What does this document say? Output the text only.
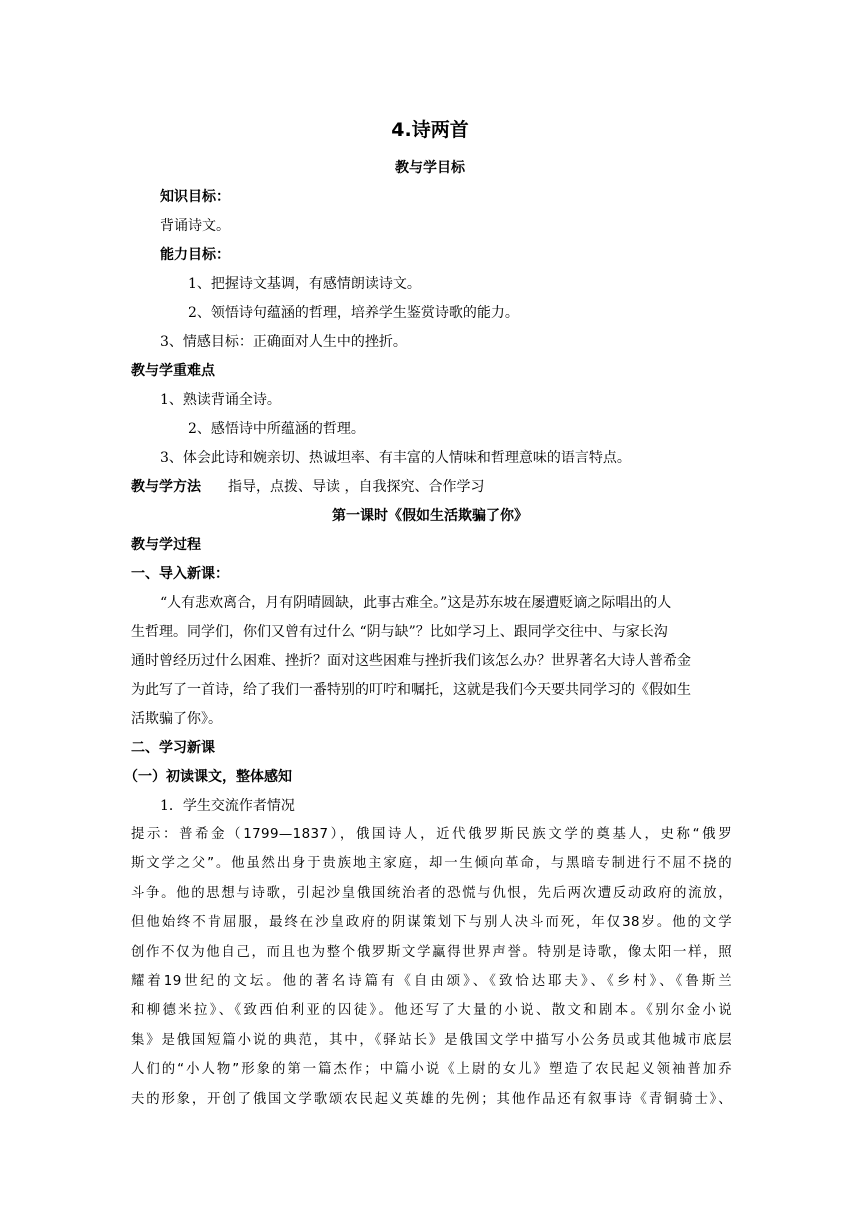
4.诗两首
教与学目标
知识目标：
背诵诗文。
能力目标：
1、把握诗文基调，有感情朗读诗文。
2、领悟诗句蕴涵的哲理，培养学生鉴赏诗歌的能力。
3、情感目标：正确面对人生中的挫折。
教与学重难点
1、熟读背诵全诗。
2、感悟诗中所蕴涵的哲理。
3、体会此诗和婉亲切、热诚坦率、有丰富的人情味和哲理意味的语言特点。
教与学方法 指导，点拨、导读 ，自我探究、合作学习
第一课时《假如生活欺骗了你》
教与学过程
一、导入新课：
“人有悲欢离合，月有阴晴圆缺，此事古难全。”这是苏东坡在屡遭贬谪之际唱出的人
生哲理。同学们，你们又曾有过什么 “阴与缺”？比如学习上、跟同学交往中、与家长沟
通时曾经历过什么困难、挫折？面对这些困难与挫折我们该怎么办？世界著名大诗人普希金
为此写了一首诗，给了我们一番特别的叮咛和嘱托，这就是我们今天要共同学习的《假如生
活欺骗了你》。
二、学习新课
（一）初读课文，整体感知
1．学生交流作者情况
提示：普希金（1799—1837），俄国诗人，近代俄罗斯民族文学的奠基人，史称“俄罗
斯文学之父”。他虽然出身于贵族地主家庭，却一生倾向革命，与黑暗专制进行不屈不挠的
斗争。他的思想与诗歌，引起沙皇俄国统治者的恐慌与仇恨，先后两次遭反动政府的流放，
但他始终不肯屈服，最终在沙皇政府的阴谋策划下与别人决斗而死，年仅38岁。他的文学
创作不仅为他自己，而且也为整个俄罗斯文学赢得世界声誉。特别是诗歌，像太阳一样，照
耀着19世纪的文坛。他的著名诗篇有《自由颂》、《致恰达耶夫》、《乡村》、《鲁斯兰
和柳德米拉》、《致西伯利亚的囚徒》。他还写了大量的小说、散文和剧本。《别尔金小说
集》是俄国短篇小说的典范，其中，《驿站长》是俄国文学中描写小公务员或其他城市底层
人们的“小人物”形象的第一篇杰作；中篇小说《上尉的女儿》塑造了农民起义领袖普加乔
夫的形象，开创了俄国文学歌颂农民起义英雄的先例；其他作品还有叙事诗《青铜骑士》、
